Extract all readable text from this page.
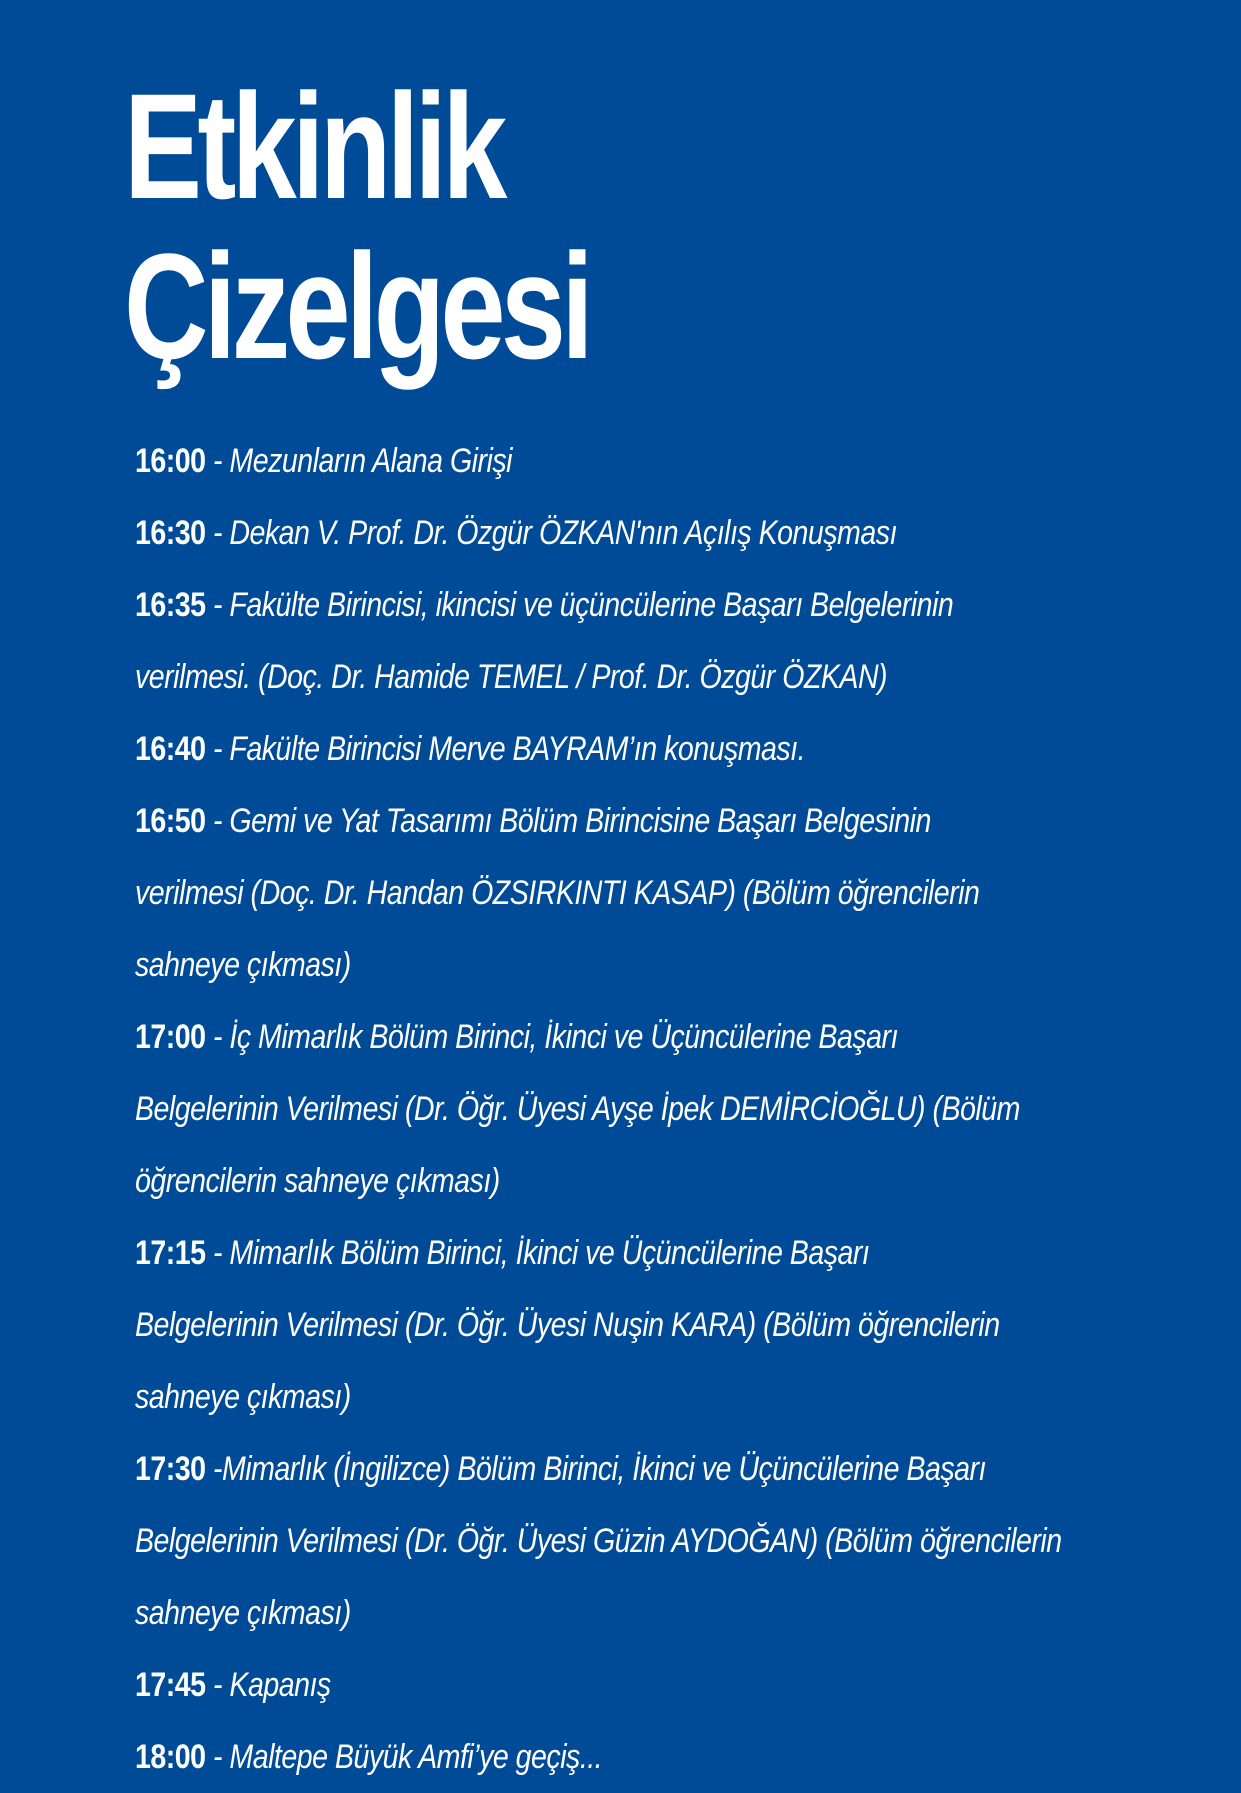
Etkinlik
Çizelgesi
16:00 - Mezunların Alana Girişi
16:30 - Dekan V. Prof. Dr. Özgür ÖZKAN'nın Açılış Konuşması
16:35 - Fakülte Birincisi, ikincisi ve üçüncülerine Başarı Belgelerinin
verilmesi. (Doç. Dr. Hamide TEMEL / Prof. Dr. Özgür ÖZKAN)
16:40 - Fakülte Birincisi Merve BAYRAM’ın konuşması.
16:50 - Gemi ve Yat Tasarımı Bölüm Birincisine Başarı Belgesinin
verilmesi (Doç. Dr. Handan ÖZSIRKINTI KASAP) (Bölüm öğrencilerin
sahneye çıkması)
17:00 - İç Mimarlık Bölüm Birinci, İkinci ve Üçüncülerine Başarı
Belgelerinin Verilmesi (Dr. Öğr. Üyesi Ayşe İpek DEMİRCİOĞLU) (Bölüm
öğrencilerin sahneye çıkması)
17:15 - Mimarlık Bölüm Birinci, İkinci ve Üçüncülerine Başarı
Belgelerinin Verilmesi (Dr. Öğr. Üyesi Nuşin KARA) (Bölüm öğrencilerin
sahneye çıkması)
17:30 -Mimarlık (İngilizce) Bölüm Birinci, İkinci ve Üçüncülerine Başarı
Belgelerinin Verilmesi (Dr. Öğr. Üyesi Güzin AYDOĞAN) (Bölüm öğrencilerin
sahneye çıkması)
17:45 - Kapanış
18:00 - Maltepe Büyük Amfi’ye geçiş...
